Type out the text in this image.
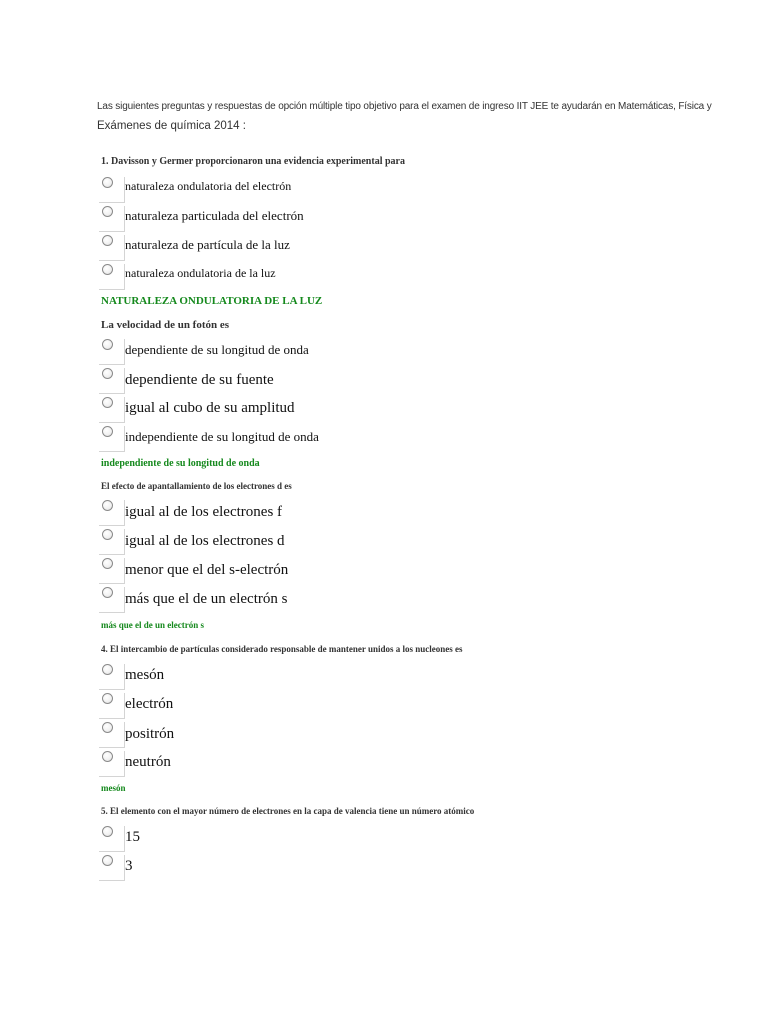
Las siguientes preguntas y respuestas de opción múltiple tipo objetivo para el examen de ingreso IIT JEE te ayudarán en Matemáticas, Física y
Exámenes de química 2014 :
1. Davisson y Germer proporcionaron una evidencia experimental para
naturaleza ondulatoria del electrón
naturaleza particulada del electrón
naturaleza de partícula de la luz
naturaleza ondulatoria de la luz
NATURALEZA ONDULATORIA DE LA LUZ
La velocidad de un fotón es
dependiente de su longitud de onda
dependiente de su fuente
igual al cubo de su amplitud
independiente de su longitud de onda
independiente de su longitud de onda
El efecto de apantallamiento de los electrones d es
igual al de los electrones f
igual al de los electrones d
menor que el del s-electrón
más que el de un electrón s
más que el de un electrón s
4. El intercambio de partículas considerado responsable de mantener unidos a los nucleones es
mesón
electrón
positrón
neutrón
mesón
5. El elemento con el mayor número de electrones en la capa de valencia tiene un número atómico
15
3
